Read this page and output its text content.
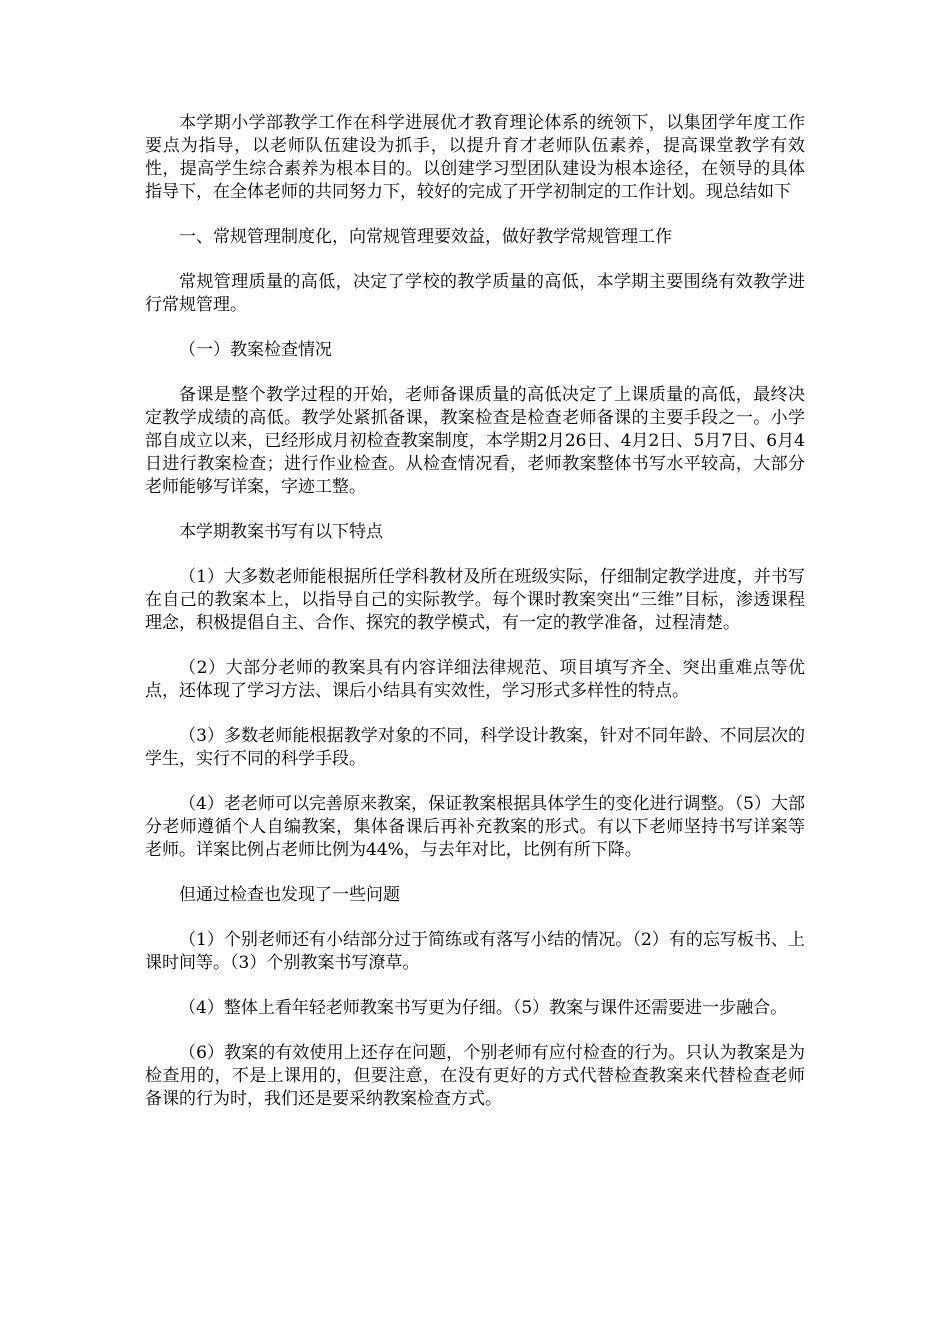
本学期小学部教学工作在科学进展优才教育理论体系的统领下，以集团学年度工作要点为指导，以老师队伍建设为抓手，以提升育才老师队伍素养，提高课堂教学有效性，提高学生综合素养为根本目的。以创建学习型团队建设为根本途径，在领导的具体指导下，在全体老师的共同努力下，较好的完成了开学初制定的工作计划。现总结如下

一、常规管理制度化，向常规管理要效益，做好教学常规管理工作

常规管理质量的高低，决定了学校的教学质量的高低，本学期主要围绕有效教学进行常规管理。

（一）教案检查情况

备课是整个教学过程的开始，老师备课质量的高低决定了上课质量的高低，最终决定教学成绩的高低。教学处紧抓备课，教案检查是检查老师备课的主要手段之一。小学部自成立以来，已经形成月初检查教案制度，本学期2月26日、4月2日、5月7日、6月4日进行教案检查；进行作业检查。从检查情况看，老师教案整体书写水平较高，大部分老师能够写详案，字迹工整。

本学期教案书写有以下特点

（1）大多数老师能根据所任学科教材及所在班级实际，仔细制定教学进度，并书写在自己的教案本上，以指导自己的实际教学。每个课时教案突出“三维”目标，渗透课程理念，积极提倡自主、合作、探究的教学模式，有一定的教学准备，过程清楚。

（2）大部分老师的教案具有内容详细法律规范、项目填写齐全、突出重难点等优点，还体现了学习方法、课后小结具有实效性，学习形式多样性的特点。

（3）多数老师能根据教学对象的不同，科学设计教案，针对不同年龄、不同层次的学生，实行不同的科学手段。

（4）老老师可以完善原来教案，保证教案根据具体学生的变化进行调整。（5）大部分老师遵循个人自编教案，集体备课后再补充教案的形式。有以下老师坚持书写详案等老师。详案比例占老师比例为44%，与去年对比，比例有所下降。

但通过检查也发现了一些问题

（1）个别老师还有小结部分过于简练或有落写小结的情况。（2）有的忘写板书、上课时间等。（3）个别教案书写潦草。

（4）整体上看年轻老师教案书写更为仔细。（5）教案与课件还需要进一步融合。

（6）教案的有效使用上还存在问题，个别老师有应付检查的行为。只认为教案是为检查用的，不是上课用的，但要注意，在没有更好的方式代替检查教案来代替检查老师备课的行为时，我们还是要采纳教案检查方式。
